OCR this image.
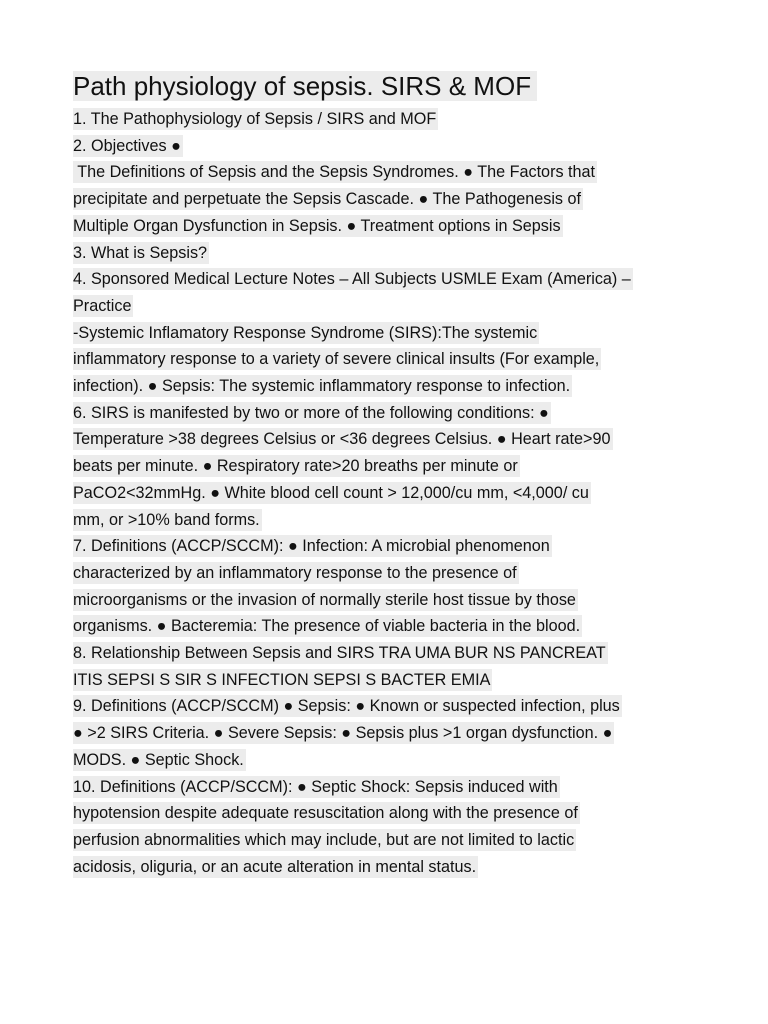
Path physiology of sepsis. SIRS & MOF
1. The Pathophysiology of Sepsis / SIRS and MOF
2. Objectives ●
The Definitions of Sepsis and the Sepsis Syndromes. ● The Factors that
precipitate and perpetuate the Sepsis Cascade. ● The Pathogenesis of
Multiple Organ Dysfunction in Sepsis. ● Treatment options in Sepsis
3. What is Sepsis?
4. Sponsored Medical Lecture Notes – All Subjects USMLE Exam (America) –
Practice
-Systemic Inflamatory Response Syndrome (SIRS):The systemic
inflammatory response to a variety of severe clinical insults (For example,
infection). ● Sepsis: The systemic inflammatory response to infection.
6. SIRS is manifested by two or more of the following conditions: ●
Temperature >38 degrees Celsius or <36 degrees Celsius. ● Heart rate>90
beats per minute. ● Respiratory rate>20 breaths per minute or
PaCO2<32mmHg. ● White blood cell count > 12,000/cu mm, <4,000/ cu
mm, or >10% band forms.
7. Definitions (ACCP/SCCM): ● Infection: A microbial phenomenon
characterized by an inflammatory response to the presence of
microorganisms or the invasion of normally sterile host tissue by those
organisms. ● Bacteremia: The presence of viable bacteria in the blood.
8. Relationship Between Sepsis and SIRS TRA UMA BUR NS PANCREAT
ITIS SEPSI S SIR S INFECTION SEPSI S BACTER EMIA
9. Definitions (ACCP/SCCM) ● Sepsis: ● Known or suspected infection, plus
● >2 SIRS Criteria. ● Severe Sepsis: ● Sepsis plus >1 organ dysfunction. ●
MODS. ● Septic Shock.
10. Definitions (ACCP/SCCM): ● Septic Shock: Sepsis induced with
hypotension despite adequate resuscitation along with the presence of
perfusion abnormalities which may include, but are not limited to lactic
acidosis, oliguria, or an acute alteration in mental status.
